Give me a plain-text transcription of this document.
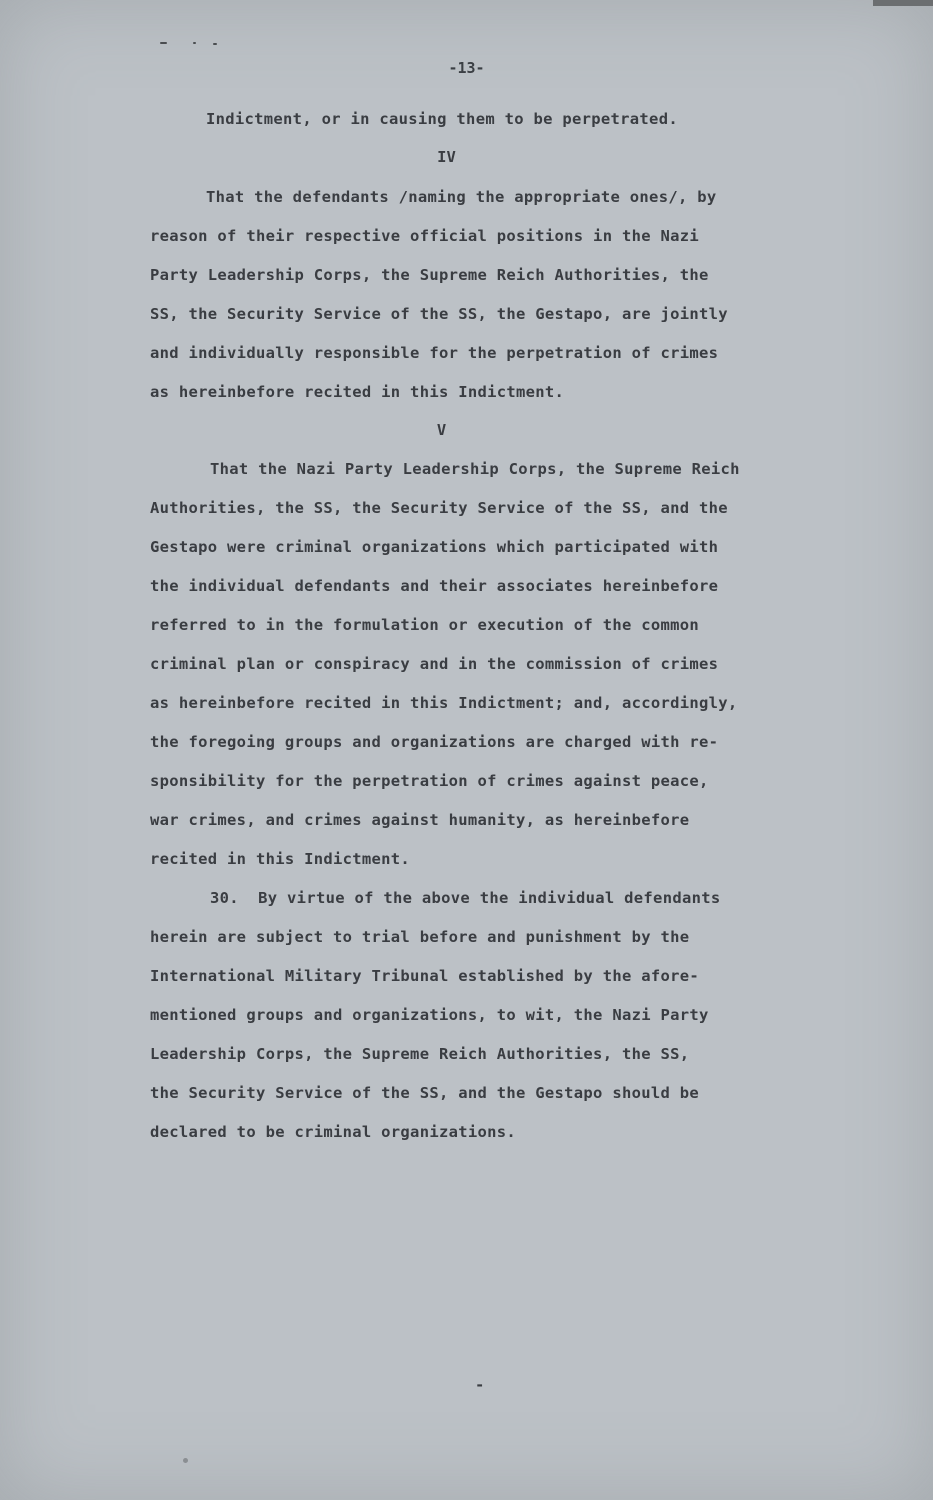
-13-
Indictment, or in causing them to be perpetrated.
IV
That the defendants /naming the appropriate ones/, by
reason of their respective official positions in the Nazi
Party Leadership Corps, the Supreme Reich Authorities, the
SS, the Security Service of the SS, the Gestapo, are jointly
and individually responsible for the perpetration of crimes
as hereinbefore recited in this Indictment.
V
That the Nazi Party Leadership Corps, the Supreme Reich
Authorities, the SS, the Security Service of the SS, and the
Gestapo were criminal organizations which participated with
the individual defendants and their associates hereinbefore
referred to in the formulation or execution of the common
criminal plan or conspiracy and in the commission of crimes
as hereinbefore recited in this Indictment; and, accordingly,
the foregoing groups and organizations are charged with re-
sponsibility for the perpetration of crimes against peace,
war crimes, and crimes against humanity, as hereinbefore
recited in this Indictment.
30.  By virtue of the above the individual defendants
herein are subject to trial before and punishment by the
International Military Tribunal established by the afore-
mentioned groups and organizations, to wit, the Nazi Party
Leadership Corps, the Supreme Reich Authorities, the SS,
the Security Service of the SS, and the Gestapo should be
declared to be criminal organizations.
-
